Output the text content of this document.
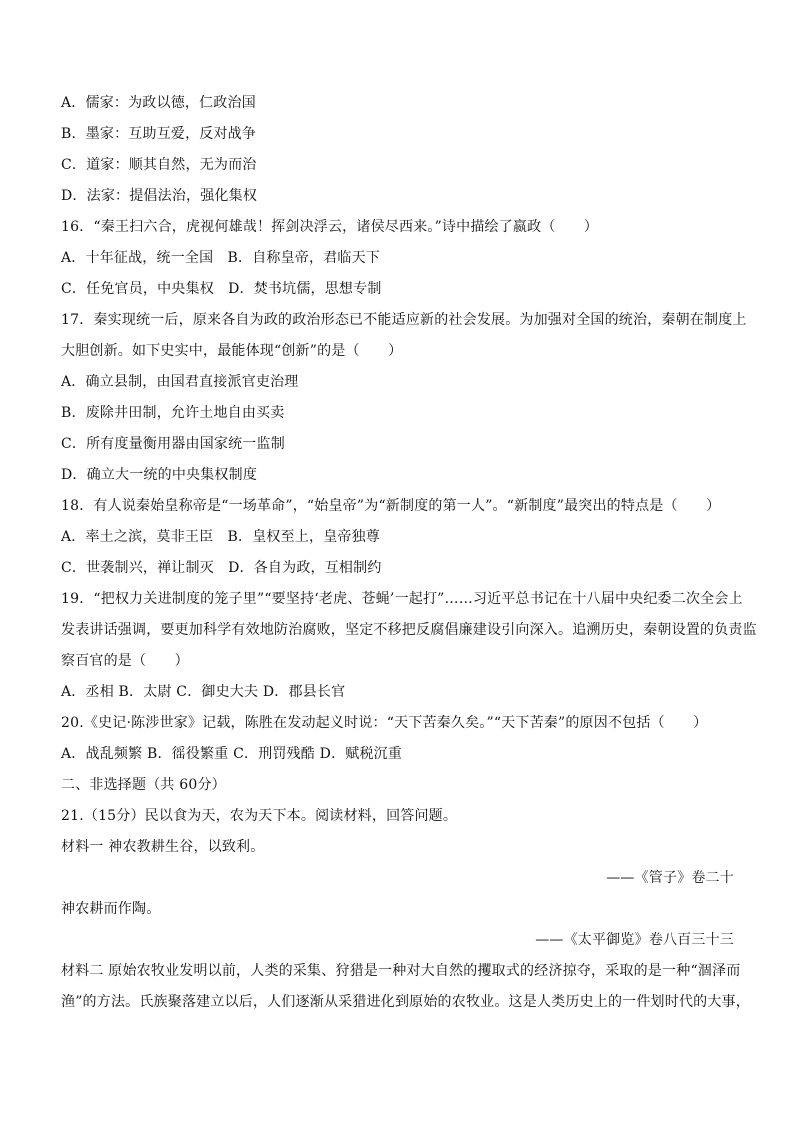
A．儒家：为政以德，仁政治国
B．墨家：互助互爱，反对战争
C．道家：顺其自然，无为而治
D．法家：提倡法治，强化集权
16．“秦王扫六合，虎视何雄哉！挥剑决浮云，诸侯尽西来。”诗中描绘了嬴政（　　）
A．十年征战，统一全国　B．自称皇帝，君临天下
C．任免官员，中央集权　D．焚书坑儒，思想专制
17．秦实现统一后，原来各自为政的政治形态已不能适应新的社会发展。为加强对全国的统治，秦朝在制度上
大胆创新。如下史实中，最能体现“创新”的是（　　）
A．确立县制，由国君直接派官吏治理
B．废除井田制，允许土地自由买卖
C．所有度量衡用器由国家统一监制
D．确立大一统的中央集权制度
18．有人说秦始皇称帝是“一场革命”，“始皇帝”为“新制度的第一人”。“新制度”最突出的特点是（　　）
A．率土之滨，莫非王臣　B．皇权至上，皇帝独尊
C．世袭制兴，禅让制灭　D．各自为政，互相制约
19．“把权力关进制度的笼子里”“要坚持‘老虎、苍蝇’一起打”……习近平总书记在十八届中央纪委二次全会上
发表讲话强调，要更加科学有效地防治腐败，坚定不移把反腐倡廉建设引向深入。追溯历史，秦朝设置的负责监
察百官的是（　　）
A．丞相 B．太尉 C．御史大夫 D．郡县长官
20.《史记·陈涉世家》记载，陈胜在发动起义时说：“天下苦秦久矣。”“天下苦秦”的原因不包括（　　）
A．战乱频繁 B．徭役繁重 C．刑罚残酷 D．赋税沉重
二、非选择题（共 60分）
21.（15分）民以食为天，农为天下本。阅读材料，回答问题。
材料一 神农教耕生谷，以致利。
——《管子》卷二十
神农耕而作陶。
——《太平御览》卷八百三十三
材料二 原始农牧业发明以前，人类的采集、狩猎是一种对大自然的攫取式的经济掠夺，采取的是一种“涸泽而
渔”的方法。氏族聚落建立以后，人们逐渐从采猎进化到原始的农牧业。这是人类历史上的一件划时代的大事，
